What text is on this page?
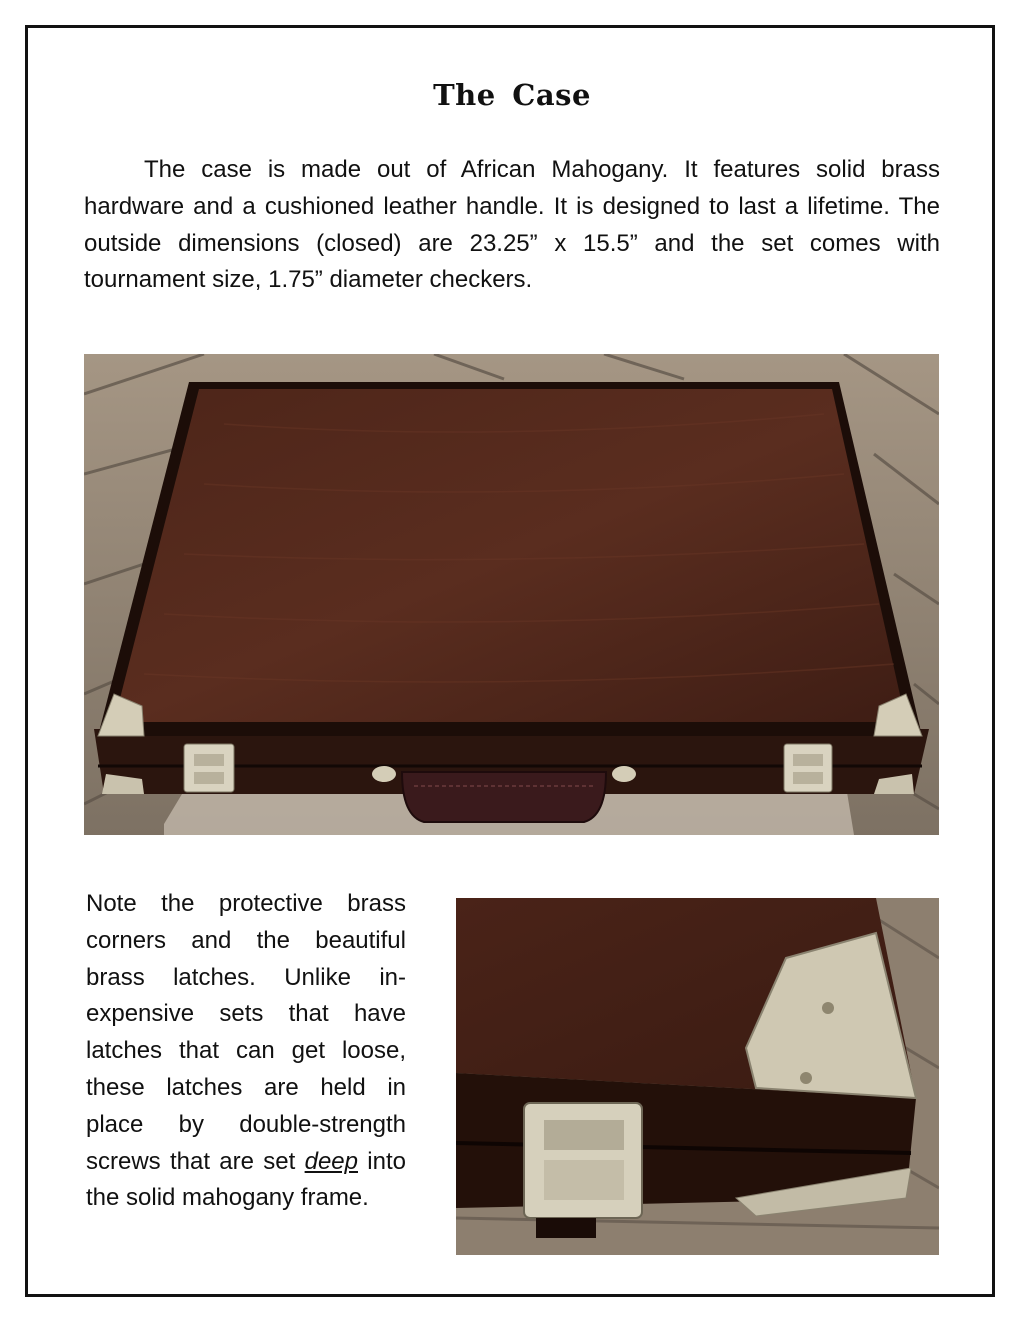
The Case

The case is made out of African Mahogany. It features solid brass hardware and a cushioned leather handle. It is designed to last a lifetime. The outside dimensions (closed) are 23.25” x 15.5” and the set comes with tournament size, 1.75” diameter checkers.

Note the protective brass corners and the beautiful brass latches. Unlike in-expensive sets that have latches that can get loose, these latches are held in place by double-strength screws that are set deep into the solid mahogany frame.
